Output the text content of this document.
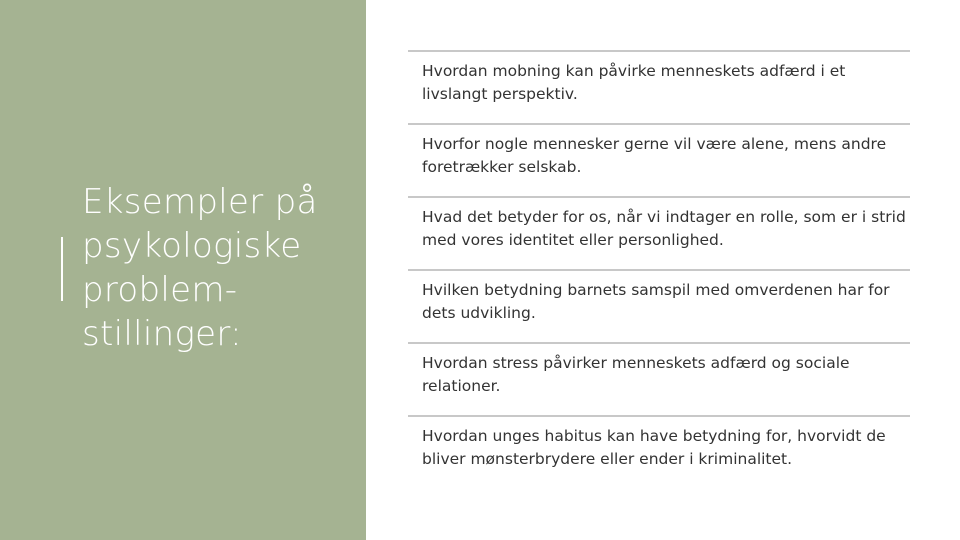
Eksempler på
psykologiske
problem-
stillinger:
Hvordan mobning kan påvirke menneskets adfærd i et livslangt perspektiv.
Hvorfor nogle mennesker gerne vil være alene, mens andre foretrækker selskab.
Hvad det betyder for os, når vi indtager en rolle, som er i strid med vores identitet eller personlighed.
Hvilken betydning barnets samspil med omverdenen har for dets udvikling.
Hvordan stress påvirker menneskets adfærd og sociale relationer.
Hvordan unges habitus kan have betydning for, hvorvidt de bliver mønsterbrydere eller ender i kriminalitet.
